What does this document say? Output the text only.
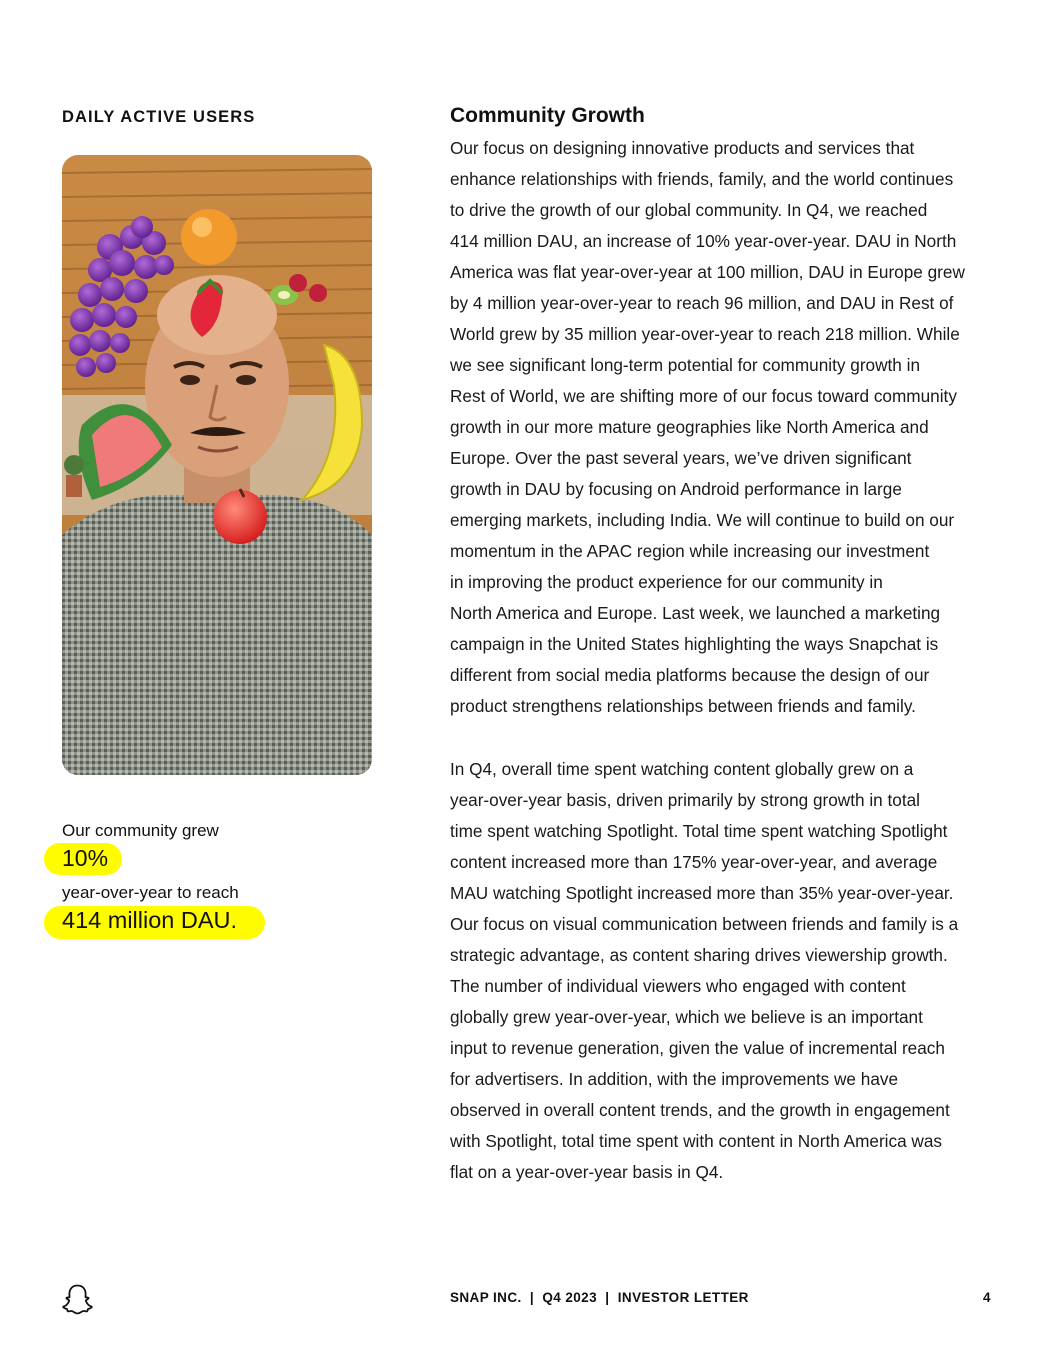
DAILY ACTIVE USERS
Our community grew
10%
year-over-year to reach
414 million DAU.
Community Growth
Our focus on designing innovative products and services that
enhance relationships with friends, family, and the world continues
to drive the growth of our global community. In Q4, we reached
414 million DAU, an increase of 10% year-over-year. DAU in North
America was flat year-over-year at 100 million, DAU in Europe grew
by 4 million year-over-year to reach 96 million, and DAU in Rest of
World grew by 35 million year-over-year to reach 218 million. While
we see significant long-term potential for community growth in
Rest of World, we are shifting more of our focus toward community
growth in our more mature geographies like North America and
Europe. Over the past several years, we’ve driven significant
growth in DAU by focusing on Android performance in large
emerging markets, including India. We will continue to build on our
momentum in the APAC region while increasing our investment
in improving the product experience for our community in
North America and Europe. Last week, we launched a marketing
campaign in the United States highlighting the ways Snapchat is
different from social media platforms because the design of our
product strengthens relationships between friends and family.
In Q4, overall time spent watching content globally grew on a
year-over-year basis, driven primarily by strong growth in total
time spent watching Spotlight. Total time spent watching Spotlight
content increased more than 175% year-over-year, and average
MAU watching Spotlight increased more than 35% year-over-year.
Our focus on visual communication between friends and family is a
strategic advantage, as content sharing drives viewership growth.
The number of individual viewers who engaged with content
globally grew year-over-year, which we believe is an important
input to revenue generation, given the value of incremental reach
for advertisers. In addition, with the improvements we have
observed in overall content trends, and the growth in engagement
with Spotlight, total time spent with content in North America was
flat on a year-over-year basis in Q4.
SNAP INC.  |  Q4 2023  |  INVESTOR LETTER	4
